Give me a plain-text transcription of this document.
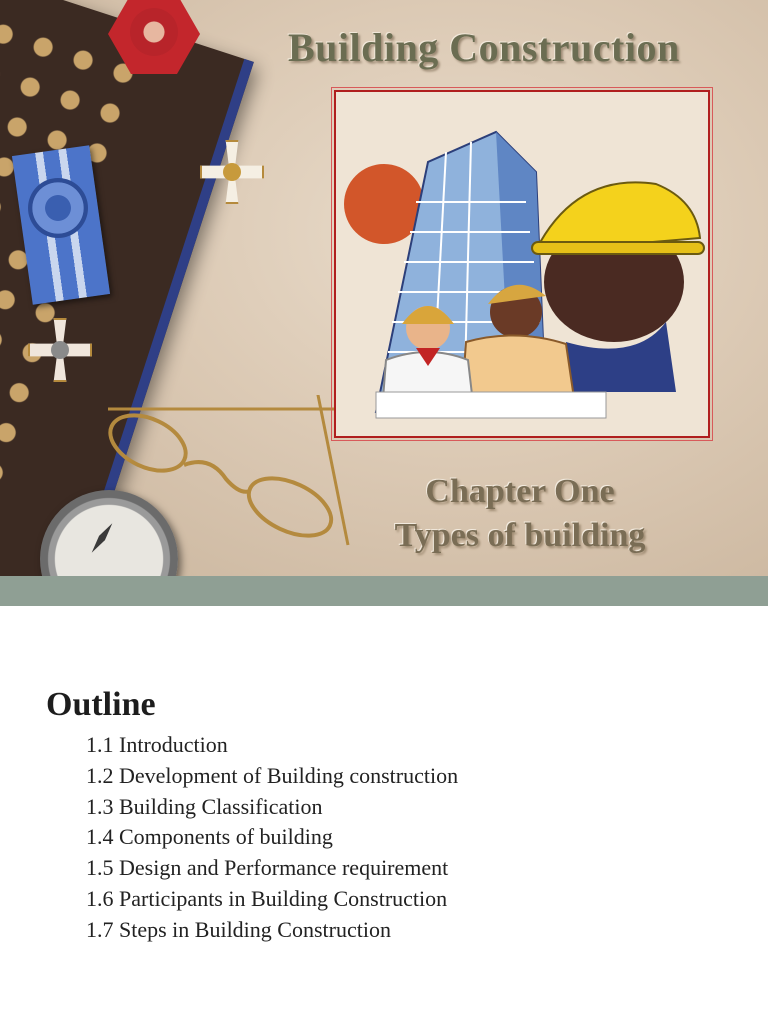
Building Construction
Chapter One
Types of building
Outline
1.1 Introduction
1.2 Development of Building construction
1.3 Building Classification
1.4 Components of building
1.5 Design and Performance requirement
1.6 Participants in Building Construction
1.7 Steps in Building Construction
